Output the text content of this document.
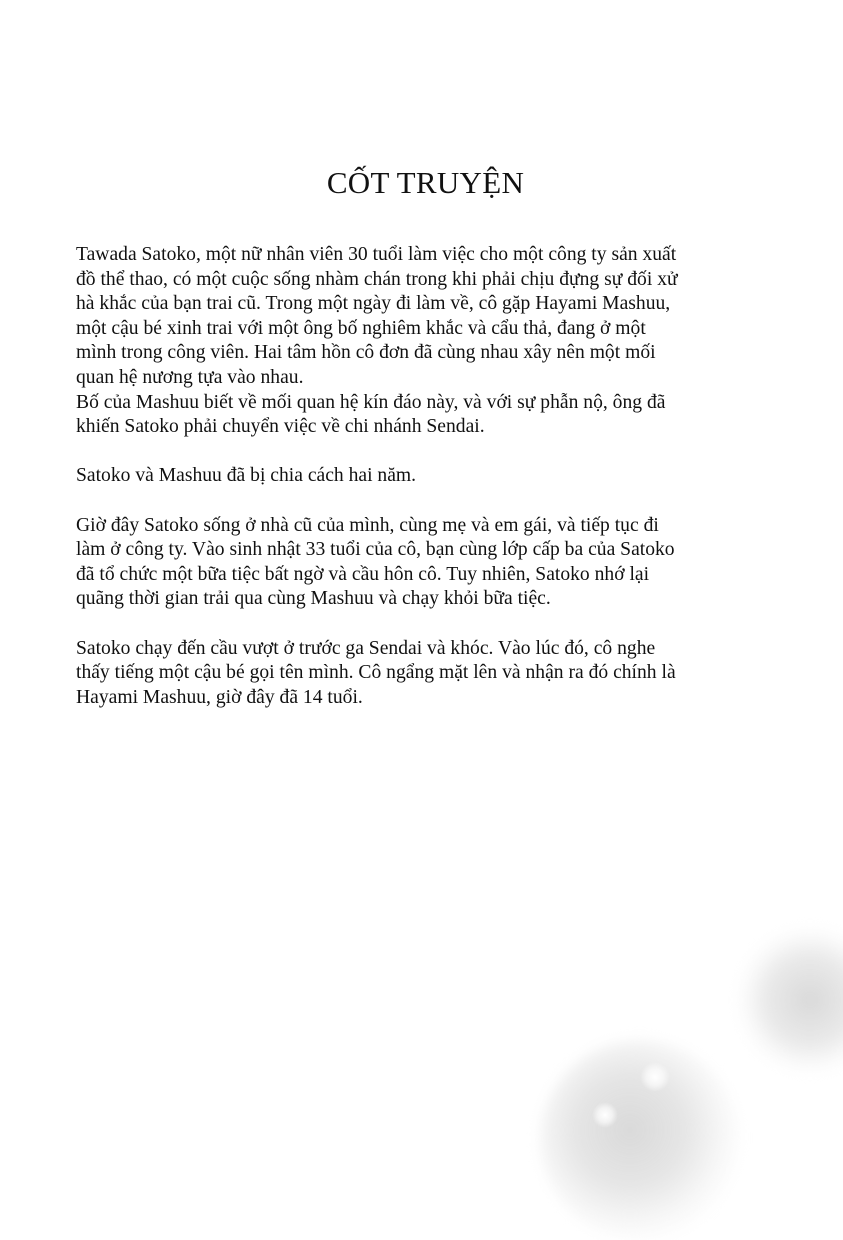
CỐT TRUYỆN

Tawada Satoko, một nữ nhân viên 30 tuổi làm việc cho một công ty sản xuất
đồ thể thao, có một cuộc sống nhàm chán trong khi phải chịu đựng sự đối xử
hà khắc của bạn trai cũ. Trong một ngày đi làm về, cô gặp Hayami Mashuu,
một cậu bé xinh trai với một ông bố nghiêm khắc và cẩu thả, đang ở một
mình trong công viên. Hai tâm hồn cô đơn đã cùng nhau xây nên một mối
quan hệ nương tựa vào nhau.
Bố của Mashuu biết về mối quan hệ kín đáo này, và với sự phẫn nộ, ông đã
khiến Satoko phải chuyển việc về chi nhánh Sendai.

Satoko và Mashuu đã bị chia cách hai năm.

Giờ đây Satoko sống ở nhà cũ của mình, cùng mẹ và em gái, và tiếp tục đi
làm ở công ty. Vào sinh nhật 33 tuổi của cô, bạn cùng lớp cấp ba của Satoko
đã tổ chức một bữa tiệc bất ngờ và cầu hôn cô. Tuy nhiên, Satoko nhớ lại
quãng thời gian trải qua cùng Mashuu và chạy khỏi bữa tiệc.

Satoko chạy đến cầu vượt ở trước ga Sendai và khóc. Vào lúc đó, cô nghe
thấy tiếng một cậu bé gọi tên mình. Cô ngẩng mặt lên và nhận ra đó chính là
Hayami Mashuu, giờ đây đã 14 tuổi.
